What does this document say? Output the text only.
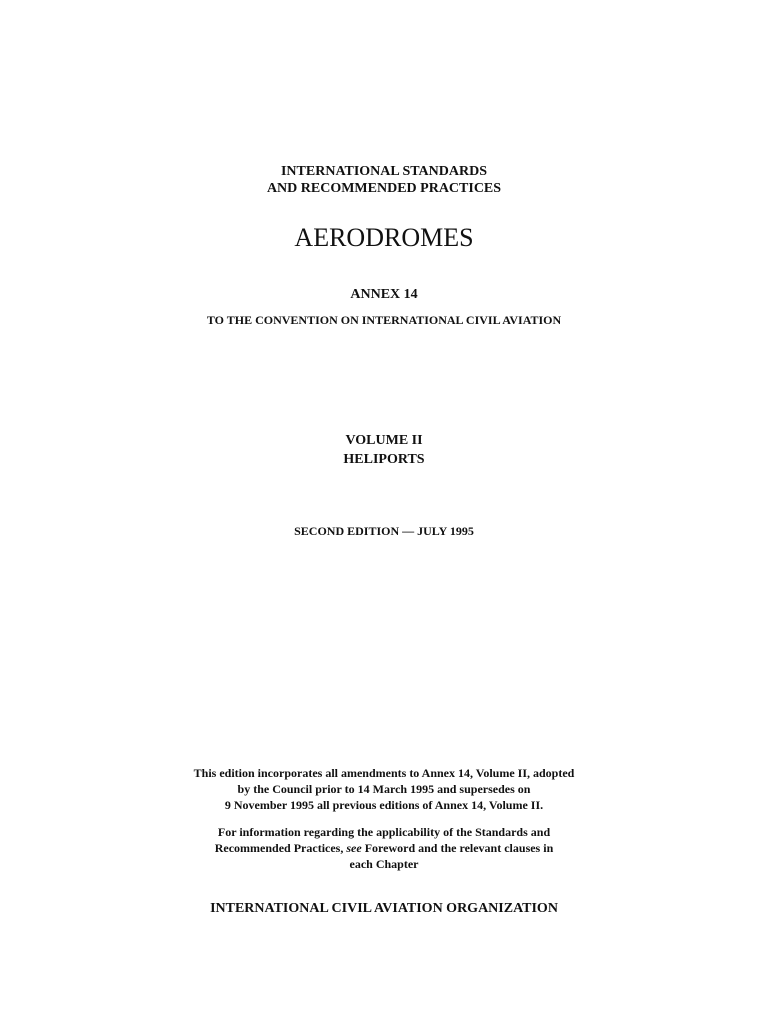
INTERNATIONAL STANDARDS

AND RECOMMENDED PRACTICES

AERODROMES

ANNEX 14

TO THE CONVENTION ON INTERNATIONAL CIVIL AVIATION

VOLUME II

HELIPORTS

SECOND EDITION — JULY 1995

This edition incorporates all amendments to Annex 14, Volume II, adopted
by the Council prior to 14 March 1995 and supersedes on
9 November 1995 all previous editions of Annex 14, Volume II.
For information regarding the applicability of the Standards and
Recommended Practices, see Foreword and the relevant clauses in
each Chapter

INTERNATIONAL CIVIL AVIATION ORGANIZATION
